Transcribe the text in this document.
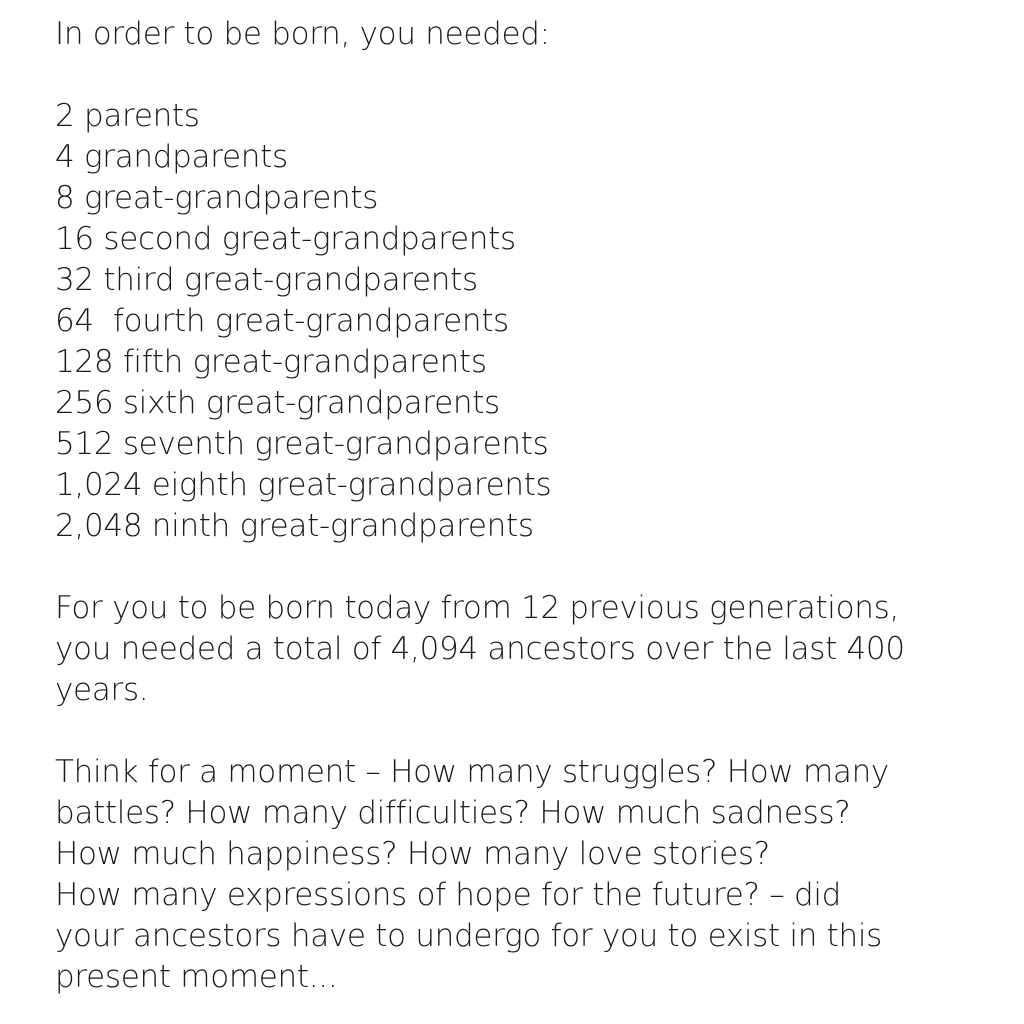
In order to be born, you needed:
2 parents
4 grandparents
8 great-grandparents
16 second great-grandparents
32 third great-grandparents
64  fourth great-grandparents
128 fifth great-grandparents
256 sixth great-grandparents
512 seventh great-grandparents
1,024 eighth great-grandparents
2,048 ninth great-grandparents
For you to be born today from 12 previous generations,
you needed a total of 4,094 ancestors over the last 400
years.
Think for a moment – How many struggles? How many
battles? How many difficulties? How much sadness?
How much happiness? How many love stories?
How many expressions of hope for the future? – did
your ancestors have to undergo for you to exist in this
present moment...
